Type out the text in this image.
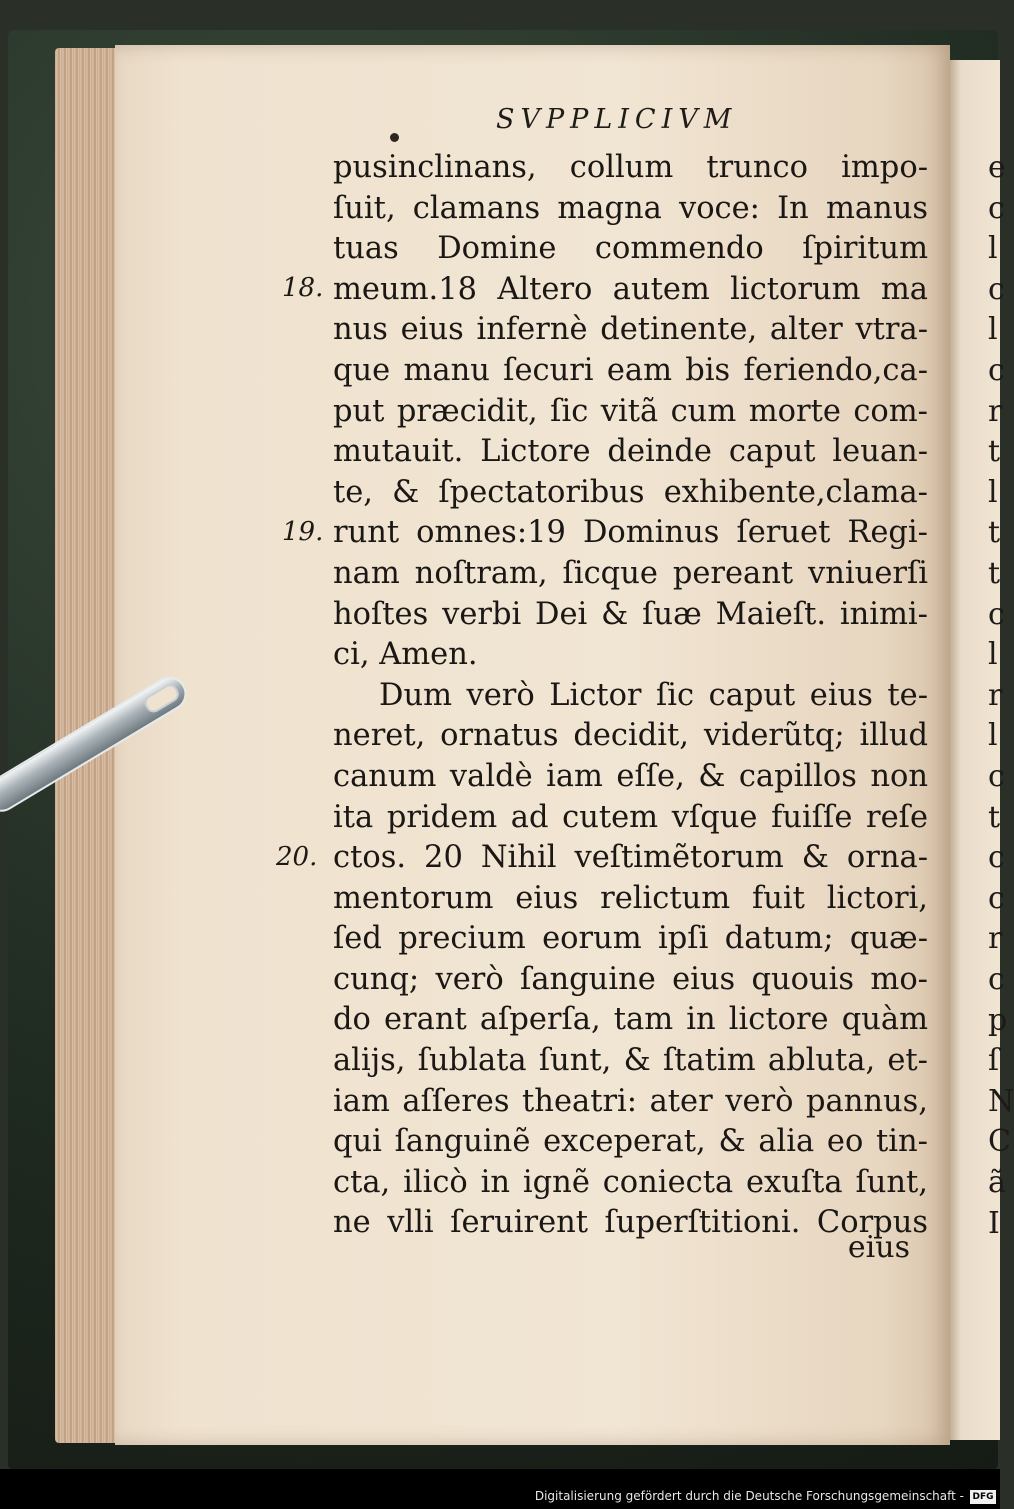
e
c
l
c
l
c
r
t
l
t
t
c
l
r
l
c
t
c
c
r
c
p
ſ
N
C
ã
I
SVPPLICIVM
pusinclinans, collum trunco impo-
ſuit, clamans magna voce: In manus
tuas Domine commendo ſpiritum
meum.18 Altero autem lictorum ma
nus eius infernè detinente, alter vtra-
que manu ſecuri eam bis feriendo,ca-
put præcidit, ſic vitã cum morte com-
mutauit. Lictore deinde caput leuan-
te, & ſpectatoribus exhibente,clama-
runt omnes:19 Dominus ſeruet Regi-
nam noſtram, ſicque pereant vniuerſi
hoſtes verbi Dei & ſuæ Maieſt. inimi-
ci, Amen.
Dum verò Lictor ſic caput eius te-
neret, ornatus decidit, viderũtq; illud
canum valdè iam eſſe, & capillos non
ita pridem ad cutem vſque fuiſſe reſe
ctos. 20 Nihil veſtimẽtorum & orna-
mentorum eius relictum fuit lictori,
ſed precium eorum ipſi datum; quæ-
cunq; verò ſanguine eius quouis mo-
do erant aſperſa, tam in lictore quàm
alijs, ſublata ſunt, & ſtatim abluta, et-
iam aſſeres theatri: ater verò pannus,
qui ſanguinẽ exceperat, & alia eo tin-
cta, ilicò in ignẽ coniecta exuſta ſunt,
ne vlli ſeruirent ſuperſtitioni. Corpus
18.
19.
20.
eius
Digitalisierung gefördert durch die Deutsche Forschungsgemeinschaft - DFG
